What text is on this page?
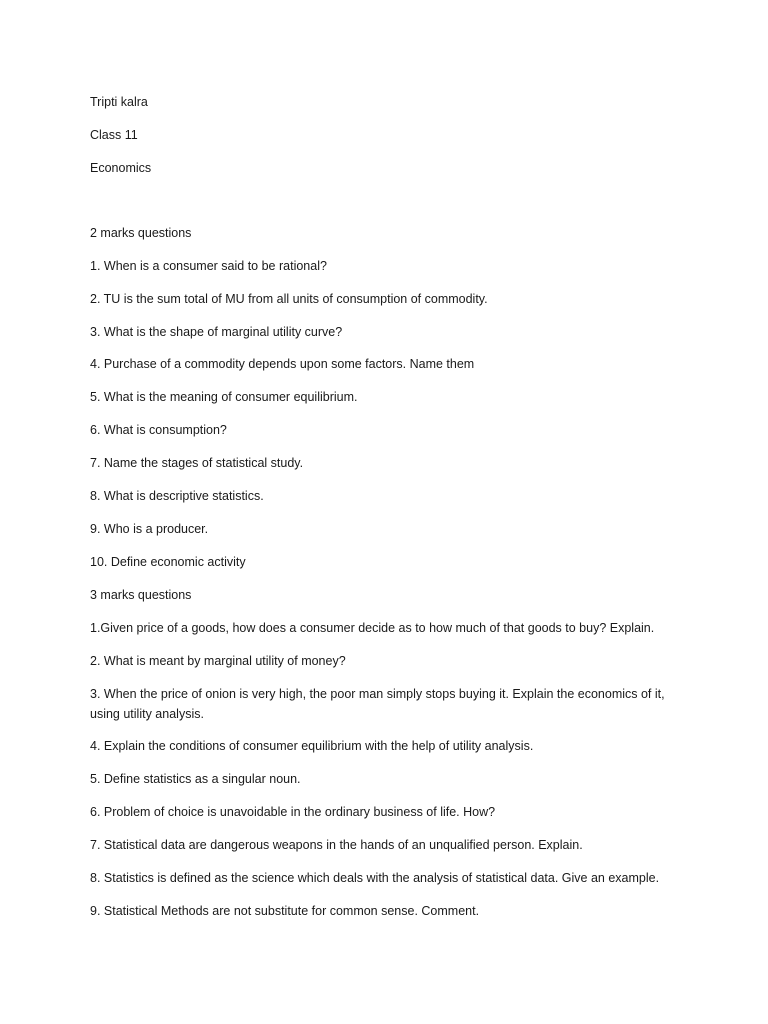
Tripti kalra
Class 11
Economics
2 marks questions
1. When is a consumer said to be rational?
2. TU is the sum total of MU from all units of consumption of commodity.
3. What is the shape of marginal utility curve?
4. Purchase of a commodity depends upon some factors. Name them
5. What is the meaning of consumer equilibrium.
6. What is consumption?
7. Name the stages of statistical study.
8. What is descriptive statistics.
9. Who is a producer.
10. Define economic activity
3 marks questions
1.Given price of a goods, how does a consumer decide as to how much of that goods to buy? Explain.
2. What is meant by marginal utility of money?
3. When the price of onion is very high, the poor man simply stops buying it. Explain the economics of it, using utility analysis.
4. Explain the conditions of consumer equilibrium with the help of utility analysis.
5. Define statistics as a singular noun.
6. Problem of choice is unavoidable in the ordinary business of life. How?
7. Statistical data are dangerous weapons in the hands of an unqualified person. Explain.
8. Statistics is defined as the science which deals with the analysis of statistical data. Give an example.
9. Statistical Methods are not substitute for common sense. Comment.
